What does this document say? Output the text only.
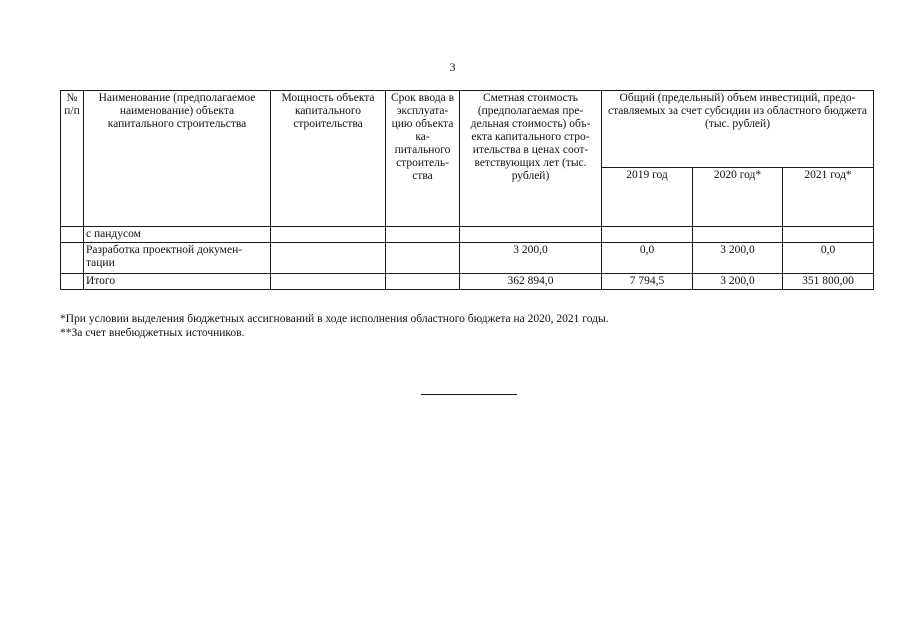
3
№ п/п	Наименование (предполагаемое наименование) объекта капитального строительства	Мощность объекта капитального строительства	Срок ввода в эксплуата-цию объекта ка-питального строитель-ства	Сметная стоимость (предполагаемая пре-дельная стоимость) объ-екта капитального стро-ительства в ценах соот-ветствующих лет (тыс. рублей)	Общий (предельный) объем инвестиций, предо-ставляемых за счет субсидии из областного бюджета (тыс. рублей)		
					2019 год	2020 год*	2021 год*
	с пандусом						
	Разработка проектной докумен-тации			3 200,0	0,0	3 200,0	0,0
	Итого			362 894,0	7 794,5	3 200,0	351 800,00
*При условии выделения бюджетных ассигнований в ходе исполнения областного бюджета на 2020, 2021 годы.
**За счет внебюджетных источников.
